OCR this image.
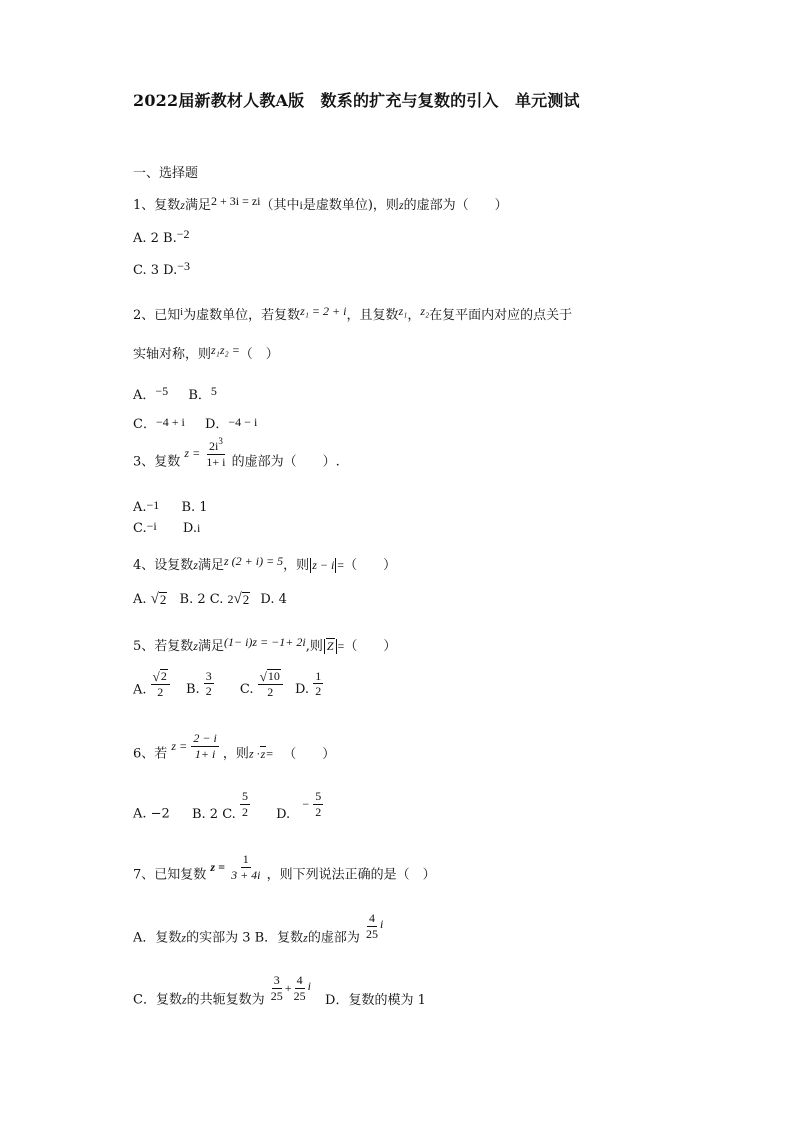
2022届新教材人教A版　数系的扩充与复数的引入　单元测试
一、选择题
1、复数z满足2 + 3i = zi（其中i是虚数单位)，则z的虚部为（　　）
A. 2 B.−2
C. 3 D.−3
2、已知$^i$为虚数单位，若复数z₁ = 2 + i，且复数z₁，z₂在复平面内对应的点关于
实轴对称，则z₁z₂ =（　）
A．−5 B．5
C．−4 + i D．−4 − i
3、复数 $z = \frac{2i^3}{1+ i}$ 的虚部为（　　）.
A.−1 B. 1
C.−i D.i
4、设复数z满足z (2 + i) = 5，则 z − i =（　　）
A. √ 2 B. 2 C. 2 √ 2 D. 4
5、若复数z满足(1− i)z = −1+ 2i,则 Z =（　　）
A. $\frac{√ 2}{2} B$. $\frac{3}{2} C$. $\frac{√ 10}{2} D$. $\frac{1}{2}$
6、若 $z = \frac{2 - i}{1+ i}$ ，则z ·z= （　　）
A. −2 B. 2 C. $\frac{5}{2} D$. − $\frac{5}{2}$
7、已知复数 $z = \frac{1}{3 + 4i}$ ，则下列说法正确的是（　）
A．复数z的实部为 3 B．复数z的虚部为 $\frac{4}{25}$ i
C．复数z的共轭复数为 $\frac{3}{25} + \frac{4}{25}$ i D．复数的模为 1
